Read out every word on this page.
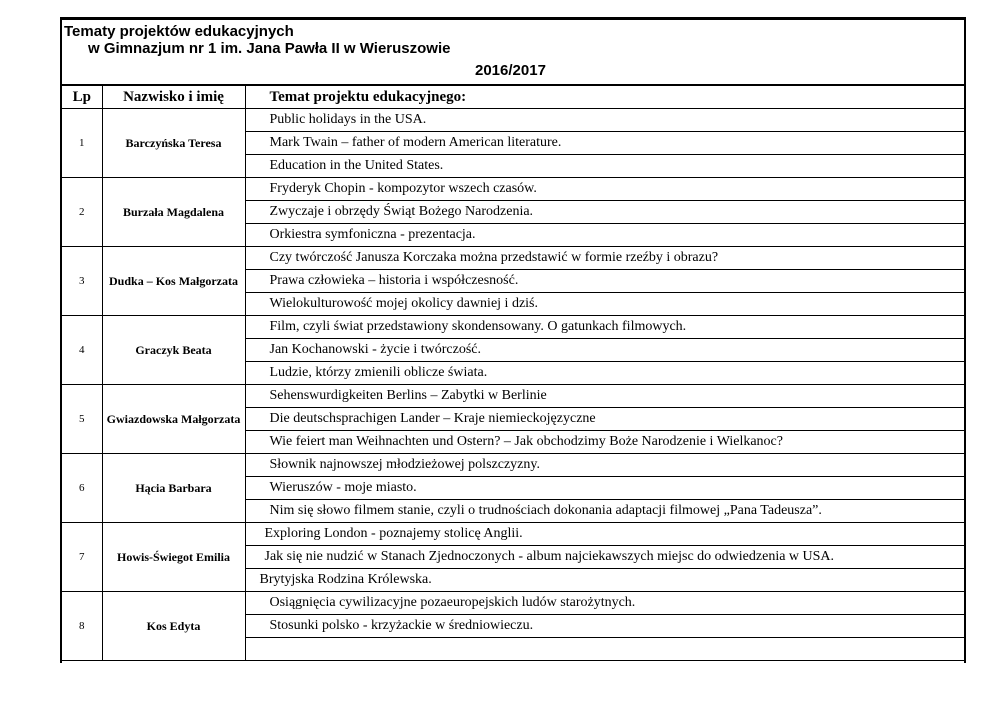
Tematy projektów edukacyjnych
w Gimnazjum nr 1 im. Jana Pawła II w Wieruszowie
2016/2017
Lp	Nazwisko i imię	Temat projektu edukacyjnego:
1	Barczyńska Teresa	Public holidays in the USA.
		Mark Twain – father of modern American literature.
		Education in the United States.
2	Burzała Magdalena	Fryderyk Chopin - kompozytor wszech czasów.
		Zwyczaje i obrzędy Świąt Bożego Narodzenia.
		Orkiestra symfoniczna - prezentacja.
3	Dudka – Kos Małgorzata	Czy twórczość Janusza Korczaka można przedstawić w formie rzeźby i obrazu?
		Prawa człowieka – historia i współczesność.
		Wielokulturowość mojej okolicy dawniej i dziś.
4	Graczyk Beata	Film, czyli świat przedstawiony skondensowany. O gatunkach filmowych.
		Jan Kochanowski - życie i twórczość.
		Ludzie, którzy zmienili oblicze świata.
5	Gwiazdowska Małgorzata	Sehenswurdigkeiten Berlins – Zabytki w Berlinie
		Die deutschsprachigen Lander – Kraje niemieckojęzyczne
		Wie feiert man Weihnachten und Ostern? – Jak obchodzimy Boże Narodzenie i Wielkanoc?
6	Hącia Barbara	Słownik najnowszej młodzieżowej polszczyzny.
		Wieruszów - moje miasto.
		Nim się słowo filmem stanie, czyli o trudnościach dokonania adaptacji filmowej „Pana Tadeusza”.
7	Howis-Świegot Emilia	Exploring London - poznajemy stolicę Anglii.
		Jak się nie nudzić w Stanach Zjednoczonych - album najciekawszych miejsc do odwiedzenia w USA.
		Brytyjska Rodzina Królewska.
8	Kos Edyta	Osiągnięcia cywilizacyjne pozaeuropejskich ludów starożytnych.
		Stosunki polsko - krzyżackie w średniowieczu.
